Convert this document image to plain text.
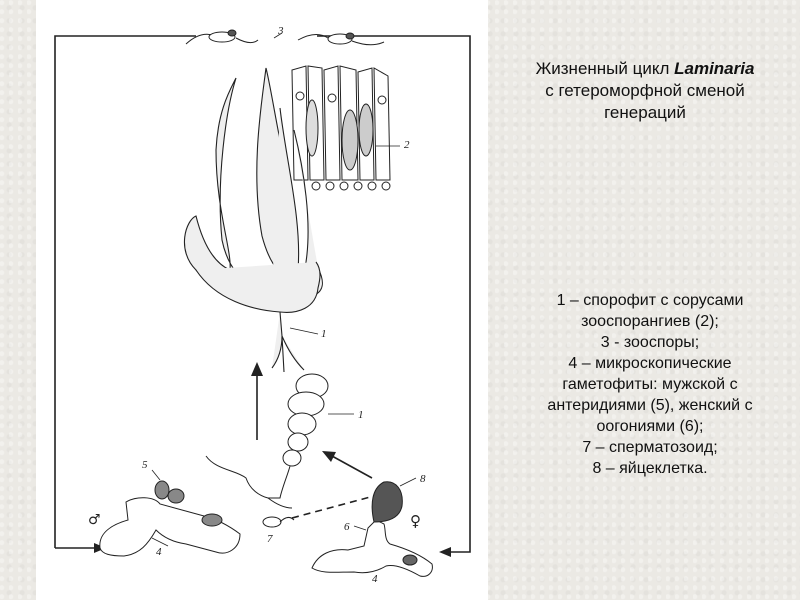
3
2
1
1
7
5
4
♂
8
6
4
♀
Жизненный цикл Laminaria
с гетероморфной сменой
генераций
1 – спорофит с сорусами
зооспорангиев (2);
3 - зооспоры;
4 – микроскопические
гаметофиты: мужской с
антеридиями (5), женский с
оогониями (6);
7 – сперматозоид;
8 – яйцеклетка.
